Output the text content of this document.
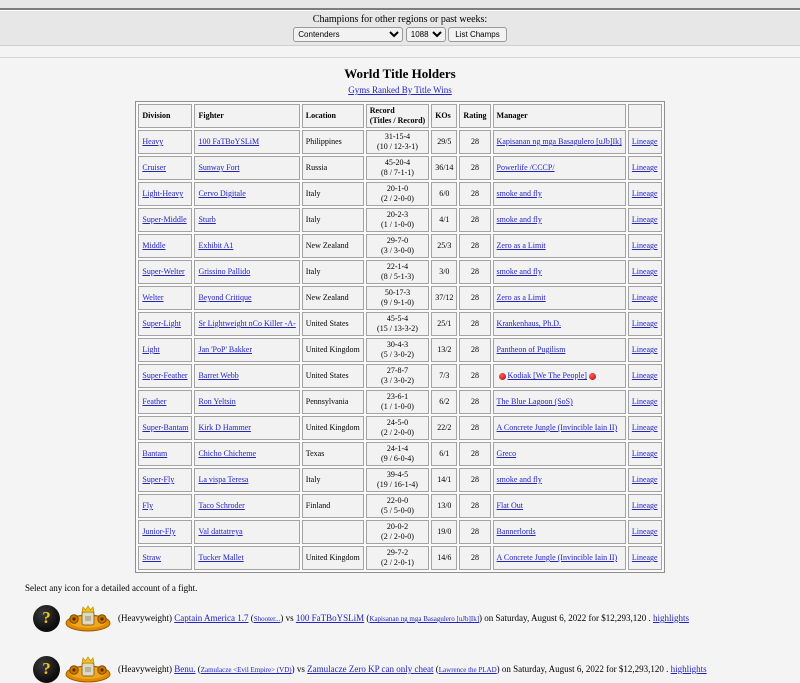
Champions for other regions or past weeks:
Contenders
1088 List Champs
World Title Holders
Gyms Ranked By Title Wins
Division	Fighter	Location	Record
(Titles / Record)	KOs	Rating	Manager	
Heavy	100 FaTBoYSLiM	Philippines	31-15-4
(10 / 12-3-1)	29/5	28	Kapisanan ng mga Basagulero [uJb]Ik]	Lineage
Cruiser	Sunway Fort	Russia	45-20-4
(8 / 7-1-1)	36/14	28	Powerlife /CCCP/	Lineage
Light-Heavy	Cervo Digitale	Italy	20-1-0
(2 / 2-0-0)	6/0	28	smoke and fly	Lineage
Super-Middle	Sturb	Italy	20-2-3
(1 / 1-0-0)	4/1	28	smoke and fly	Lineage
Middle	Exhibit A1	New Zealand	29-7-0
(3 / 3-0-0)	25/3	28	Zero as a Limit	Lineage
Super-Welter	Grissino Pallido	Italy	22-1-4
(8 / 5-1-3)	3/0	28	smoke and fly	Lineage
Welter	Beyond Critique	New Zealand	50-17-3
(9 / 9-1-0)	37/12	28	Zero as a Limit	Lineage
Super-Light	Sr Lightweight nCo Killer -A-	United States	45-5-4
(15 / 13-3-2)	25/1	28	Krankenhaus, Ph.D.	Lineage
Light	Jan 'PoP' Bakker	United Kingdom	30-4-3
(5 / 3-0-2)	13/2	28	Pantheon of Pugilism	Lineage
Super-Feather	Barret Webb	United States	27-8-7
(3 / 3-0-2)	7/3	28	Kodiak [We The People]	Lineage
Feather	Ron Yeltsin	Pennsylvania	23-6-1
(1 / 1-0-0)	6/2	28	The Blue Lagoon (SoS)	Lineage
Super-Bantam	Kirk D Hammer	United Kingdom	24-5-0
(2 / 2-0-0)	22/2	28	A Concrete Jungle (Invincible Iain II)	Lineage
Bantam	Chicho Chicheme	Texas	24-1-4
(9 / 6-0-4)	6/1	28	Greco	Lineage
Super-Fly	La vispa Teresa	Italy	39-4-5
(19 / 16-1-4)	14/1	28	smoke and fly	Lineage
Fly	Taco Schroder	Finland	22-0-0
(5 / 5-0-0)	13/0	28	Flat Out	Lineage
Junior-Fly	Val dattatreya		20-0-2
(2 / 2-0-0)	19/0	28	Bannerlords	Lineage
Straw	Tucker Mallet	United Kingdom	29-7-2
(2 / 2-0-1)	14/6	28	A Concrete Jungle (Invincible Iain II)	Lineage
Select any icon for a detailed account of a fight.
?	(Heavyweight) Captain America 1.7 (Shooter...) vs 100 FaTBoYSLiM (Kapisanan ng mga Basagulero [uJb]Ik]) on Saturday, August 6, 2022 for $12,293,120 . highlights
?	(Heavyweight) Benu. (Zamulacze <Evil Empire> (VD)) vs Zamulacze Zero KP can only cheat (Lawrence the PLAD) on Saturday, August 6, 2022 for $12,293,120 . highlights
